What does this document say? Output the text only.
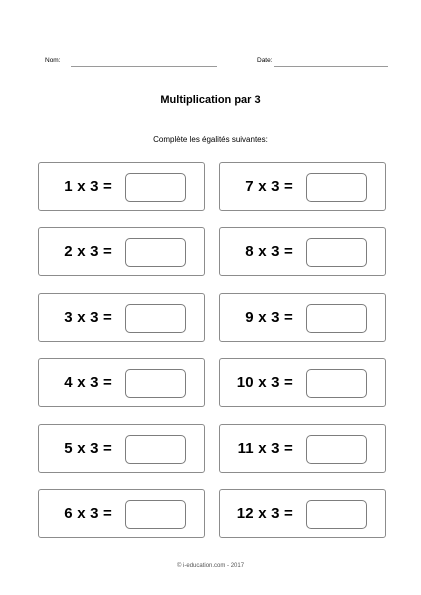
Nom:	Date:
Multiplication par 3
Complète les égalités suivantes:
1 x 3 =	7 x 3 =
2 x 3 =	8 x 3 =
3 x 3 =	9 x 3 =
4 x 3 =	10 x 3 =
5 x 3 =	11 x 3 =
6 x 3 =	12 x 3 =
© i-education.com - 2017
